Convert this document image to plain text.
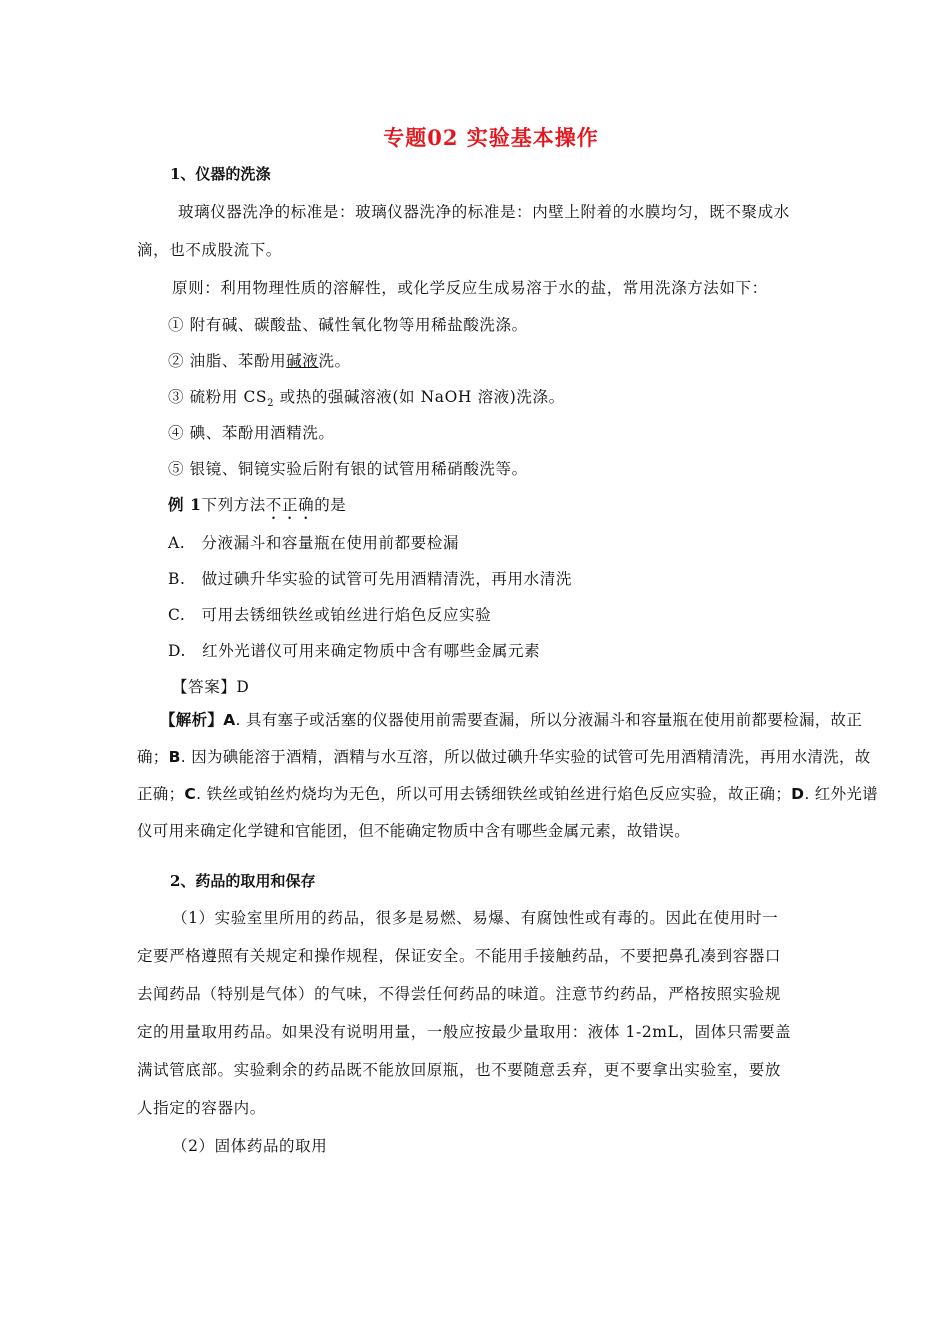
专题02 实验基本操作
1、仪器的洗涤
玻璃仪器洗净的标准是：玻璃仪器洗净的标准是：内壁上附着的水膜均匀，既不聚成水
滴，也不成股流下。
原则：利用物理性质的溶解性，或化学反应生成易溶于水的盐，常用洗涤方法如下：
① 附有碱、碳酸盐、碱性氧化物等用稀盐酸洗涤。
② 油脂、苯酚用碱液洗。
③ 硫粉用 $CS_2$ 或热的强碱溶液(如 NaOH 溶液)洗涤。
④ 碘、苯酚用酒精洗。
⑤ 银镜、铜镜实验后附有银的试管用稀硝酸洗等。
例 1下列方法不正确的是
A.　分液漏斗和容量瓶在使用前都要检漏
B.　做过碘升华实验的试管可先用酒精清洗，再用水清洗
C.　可用去锈细铁丝或铂丝进行焰色反应实验
D.　红外光谱仪可用来确定物质中含有哪些金属元素
【答案】D
【解析】A. 具有塞子或活塞的仪器使用前需要查漏，所以分液漏斗和容量瓶在使用前都要检漏，故正
确；B. 因为碘能溶于酒精，酒精与水互溶，所以做过碘升华实验的试管可先用酒精清洗，再用水清洗，故
正确；C. 铁丝或铂丝灼烧均为无色，所以可用去锈细铁丝或铂丝进行焰色反应实验，故正确；D. 红外光谱
仪可用来确定化学键和官能团，但不能确定物质中含有哪些金属元素，故错误。
2、药品的取用和保存
（1）实验室里所用的药品，很多是易燃、易爆、有腐蚀性或有毒的。因此在使用时一
定要严格遵照有关规定和操作规程，保证安全。不能用手接触药品，不要把鼻孔凑到容器口
去闻药品（特别是气体）的气味，不得尝任何药品的味道。注意节约药品，严格按照实验规
定的用量取用药品。如果没有说明用量，一般应按最少量取用：液体 1-2mL，固体只需要盖
满试管底部。实验剩余的药品既不能放回原瓶，也不要随意丢弃，更不要拿出实验室，要放
人指定的容器内。
（2）固体药品的取用
